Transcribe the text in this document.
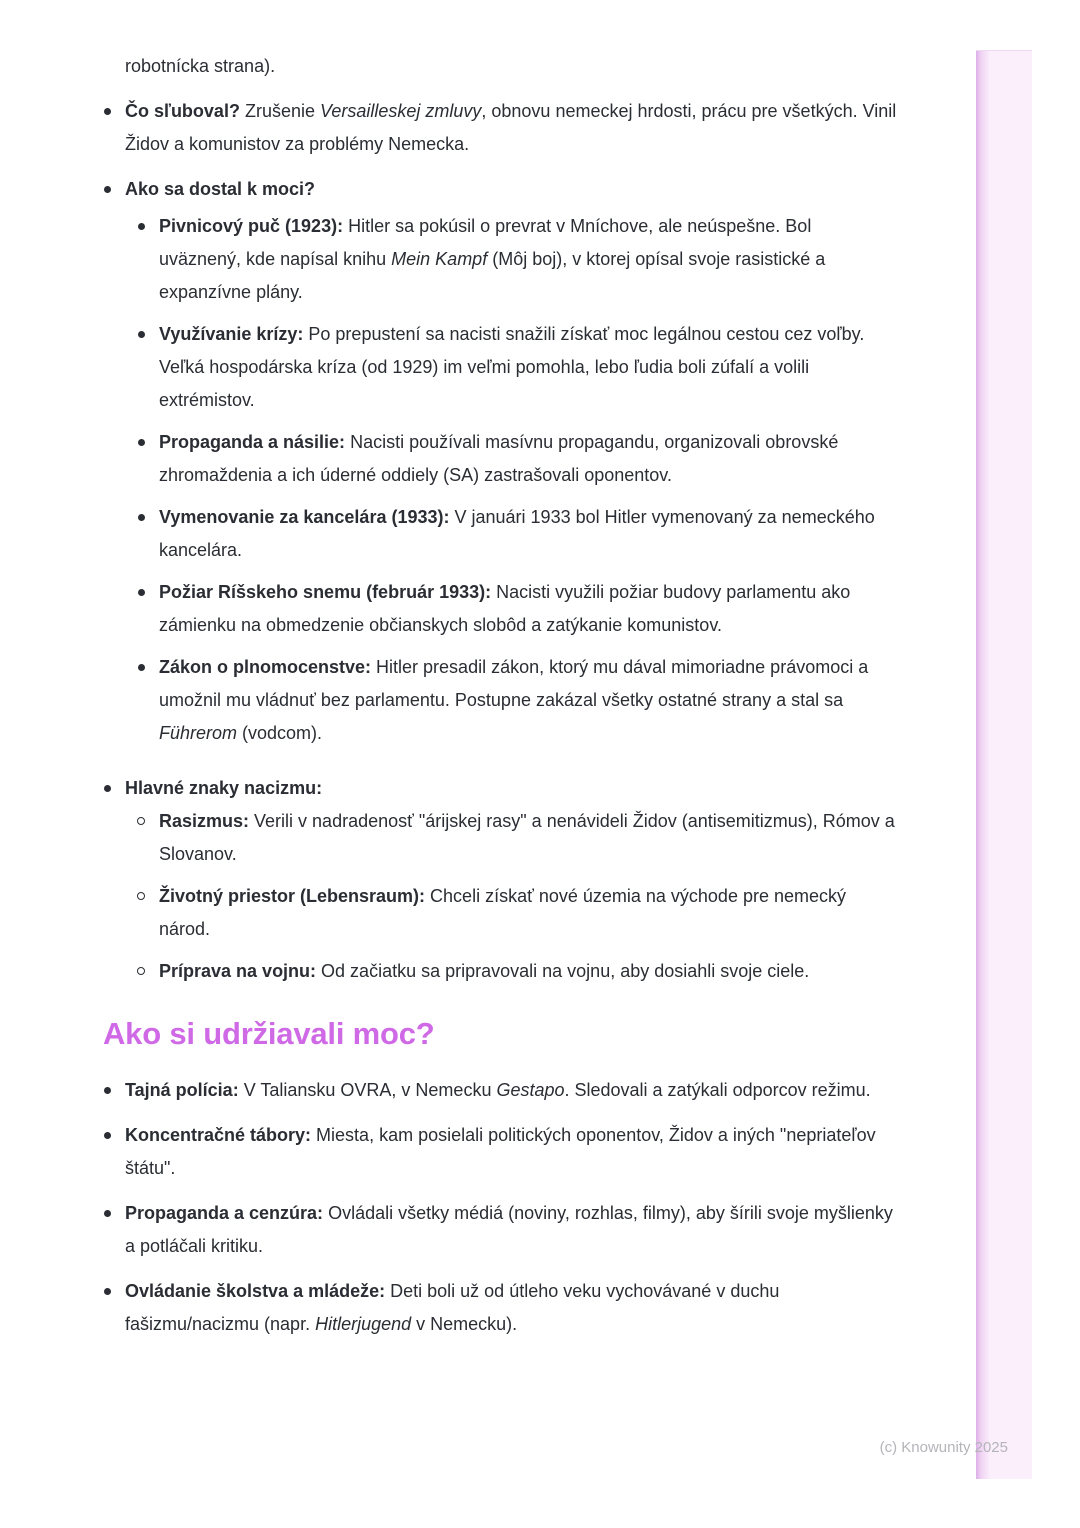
robotnícka strana).

Čo sľuboval? Zrušenie Versailleskej zmluvy, obnovu nemeckej hrdosti, prácu pre všetkých. Vinil Židov a komunistov za problémy Nemecka.
Ako sa dostal k moci?
Pivnicový puč (1923): Hitler sa pokúsil o prevrat v Mníchove, ale neúspešne. Bol uväznený, kde napísal knihu Mein Kampf (Môj boj), v ktorej opísal svoje rasistické a expanzívne plány.
Využívanie krízy: Po prepustení sa nacisti snažili získať moc legálnou cestou cez voľby. Veľká hospodárska kríza (od 1929) im veľmi pomohla, lebo ľudia boli zúfalí a volili extrémistov.
Propaganda a násilie: Nacisti používali masívnu propagandu, organizovali obrovské zhromaždenia a ich úderné oddiely (SA) zastrašovali oponentov.
Vymenovanie za kancelára (1933): V januári 1933 bol Hitler vymenovaný za nemeckého kancelára.
Požiar Ríšskeho snemu (február 1933): Nacisti využili požiar budovy parlamentu ako zámienku na obmedzenie občianskych slobôd a zatýkanie komunistov.
Zákon o plnomocenstve: Hitler presadil zákon, ktorý mu dával mimoriadne právomoci a umožnil mu vládnuť bez parlamentu. Postupne zakázal všetky ostatné strany a stal sa Führerom (vodcom).
Hlavné znaky nacizmu:
Rasizmus: Verili v nadradenosť "árijskej rasy" a nenávideli Židov (antisemitizmus), Rómov a Slovanov.
Životný priestor (Lebensraum): Chceli získať nové územia na východe pre nemecký národ.
Príprava na vojnu: Od začiatku sa pripravovali na vojnu, aby dosiahli svoje ciele.
Ako si udržiavali moc?
Tajná polícia: V Taliansku OVRA, v Nemecku Gestapo. Sledovali a zatýkali odporcov režimu.
Koncentračné tábory: Miesta, kam posielali politických oponentov, Židov a iných "nepriateľov štátu".
Propaganda a cenzúra: Ovládali všetky médiá (noviny, rozhlas, filmy), aby šírili svoje myšlienky a potláčali kritiku.
Ovládanie školstva a mládeže: Deti boli už od útleho veku vychovávané v duchu fašizmu/nacizmu (napr. Hitlerjugend v Nemecku).
(c) Knowunity 2025
